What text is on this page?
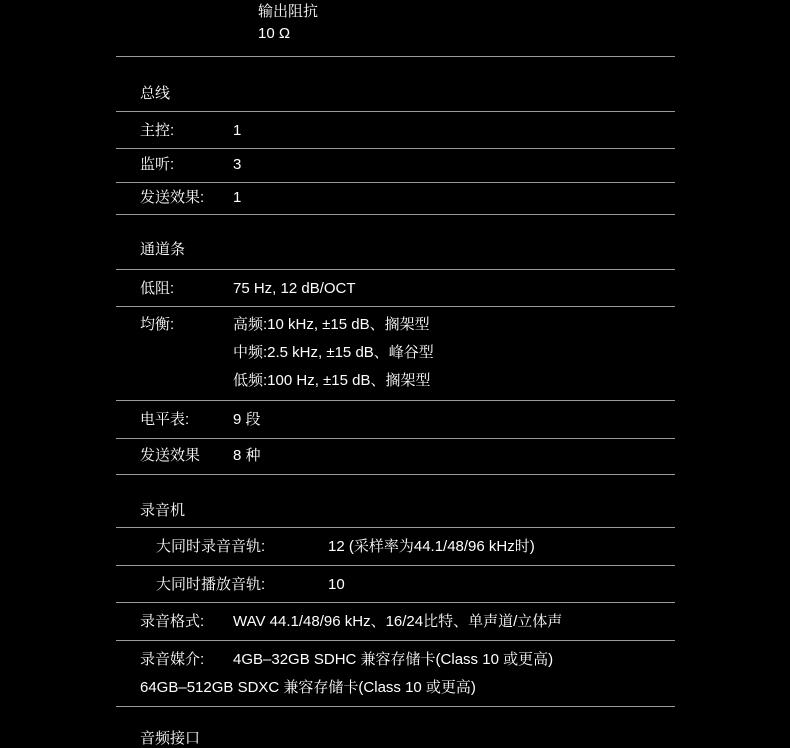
输出阻抗
10 Ω
总线
主控:	1
监听:	3
发送效果: 1
通道条
低阻:	75 Hz, 12 dB/OCT
均衡:	高频:10 kHz, ±15 dB、搁架型
中频:2.5 kHz, ±15 dB、峰谷型
低频:100 Hz, ±15 dB、搁架型
电平表:	9 段
发送效果 8 种
录音机
大同时录音音轨:	12 (采样率为44.1/48/96 kHz时)
大同时播放音轨:	10
录音格式: WAV 44.1/48/96 kHz、16/24比特、单声道/立体声
录音媒介: 4GB–32GB SDHC 兼容存储卡(Class 10 或更高)
64GB–512GB SDXC 兼容存储卡(Class 10 或更高)
音频接口
